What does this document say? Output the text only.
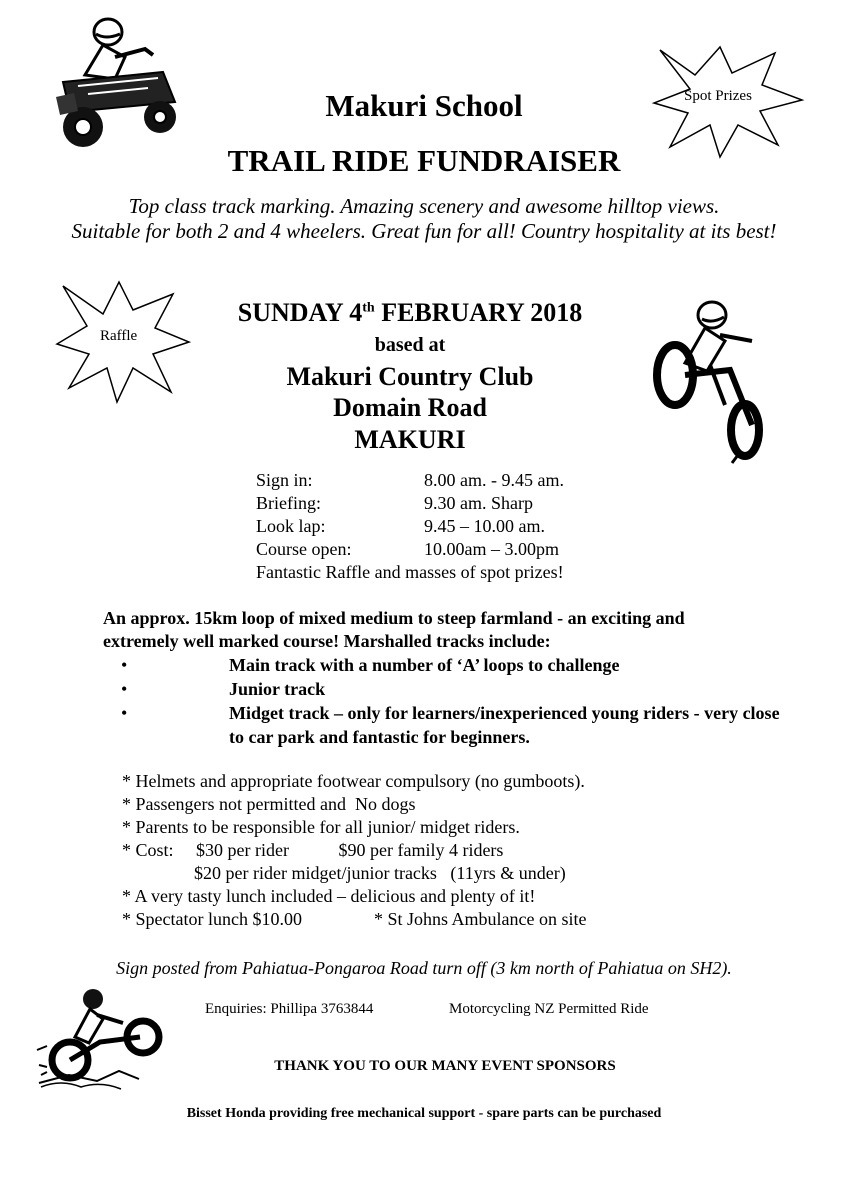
Spot Prizes
Raffle
Makuri School
TRAIL RIDE FUNDRAISER
Top class track marking. Amazing scenery and awesome hilltop views.
Suitable for both 2 and 4 wheelers. Great fun for all! Country hospitality at its best!
SUNDAY 4th FEBRUARY 2018
based at
Makuri Country Club
Domain Road
MAKURI
Sign in:	8.00 am. - 9.45 am.
Briefing:	9.30 am. Sharp
Look lap:	9.45 – 10.00 am.
Course open:	10.00am – 3.00pm
Fantastic Raffle and masses of spot prizes!
An approx. 15km loop of mixed medium to steep farmland - an exciting and extremely well marked course! Marshalled tracks include:
•	Main track with a number of ‘A’ loops to challenge
•	Junior track
•	Midget track – only for learners/inexperienced young riders - very close to car park and fantastic for beginners.
* Helmets and appropriate footwear compulsory (no gumboots).
* Passengers not permitted and  No dogs
* Parents to be responsible for all junior/ midget riders.
* Cost:     $30 per rider           $90 per family 4 riders
$20 per rider midget/junior tracks   (11yrs & under)
* A very tasty lunch included – delicious and plenty of it!
* Spectator lunch $10.00                * St Johns Ambulance on site
Sign posted from Pahiatua-Pongaroa Road turn off (3 km north of Pahiatua on SH2).
Enquiries: Phillipa 3763844	Motorcycling NZ Permitted Ride
THANK YOU TO OUR MANY EVENT SPONSORS
Bisset Honda providing free mechanical support - spare parts can be purchased
